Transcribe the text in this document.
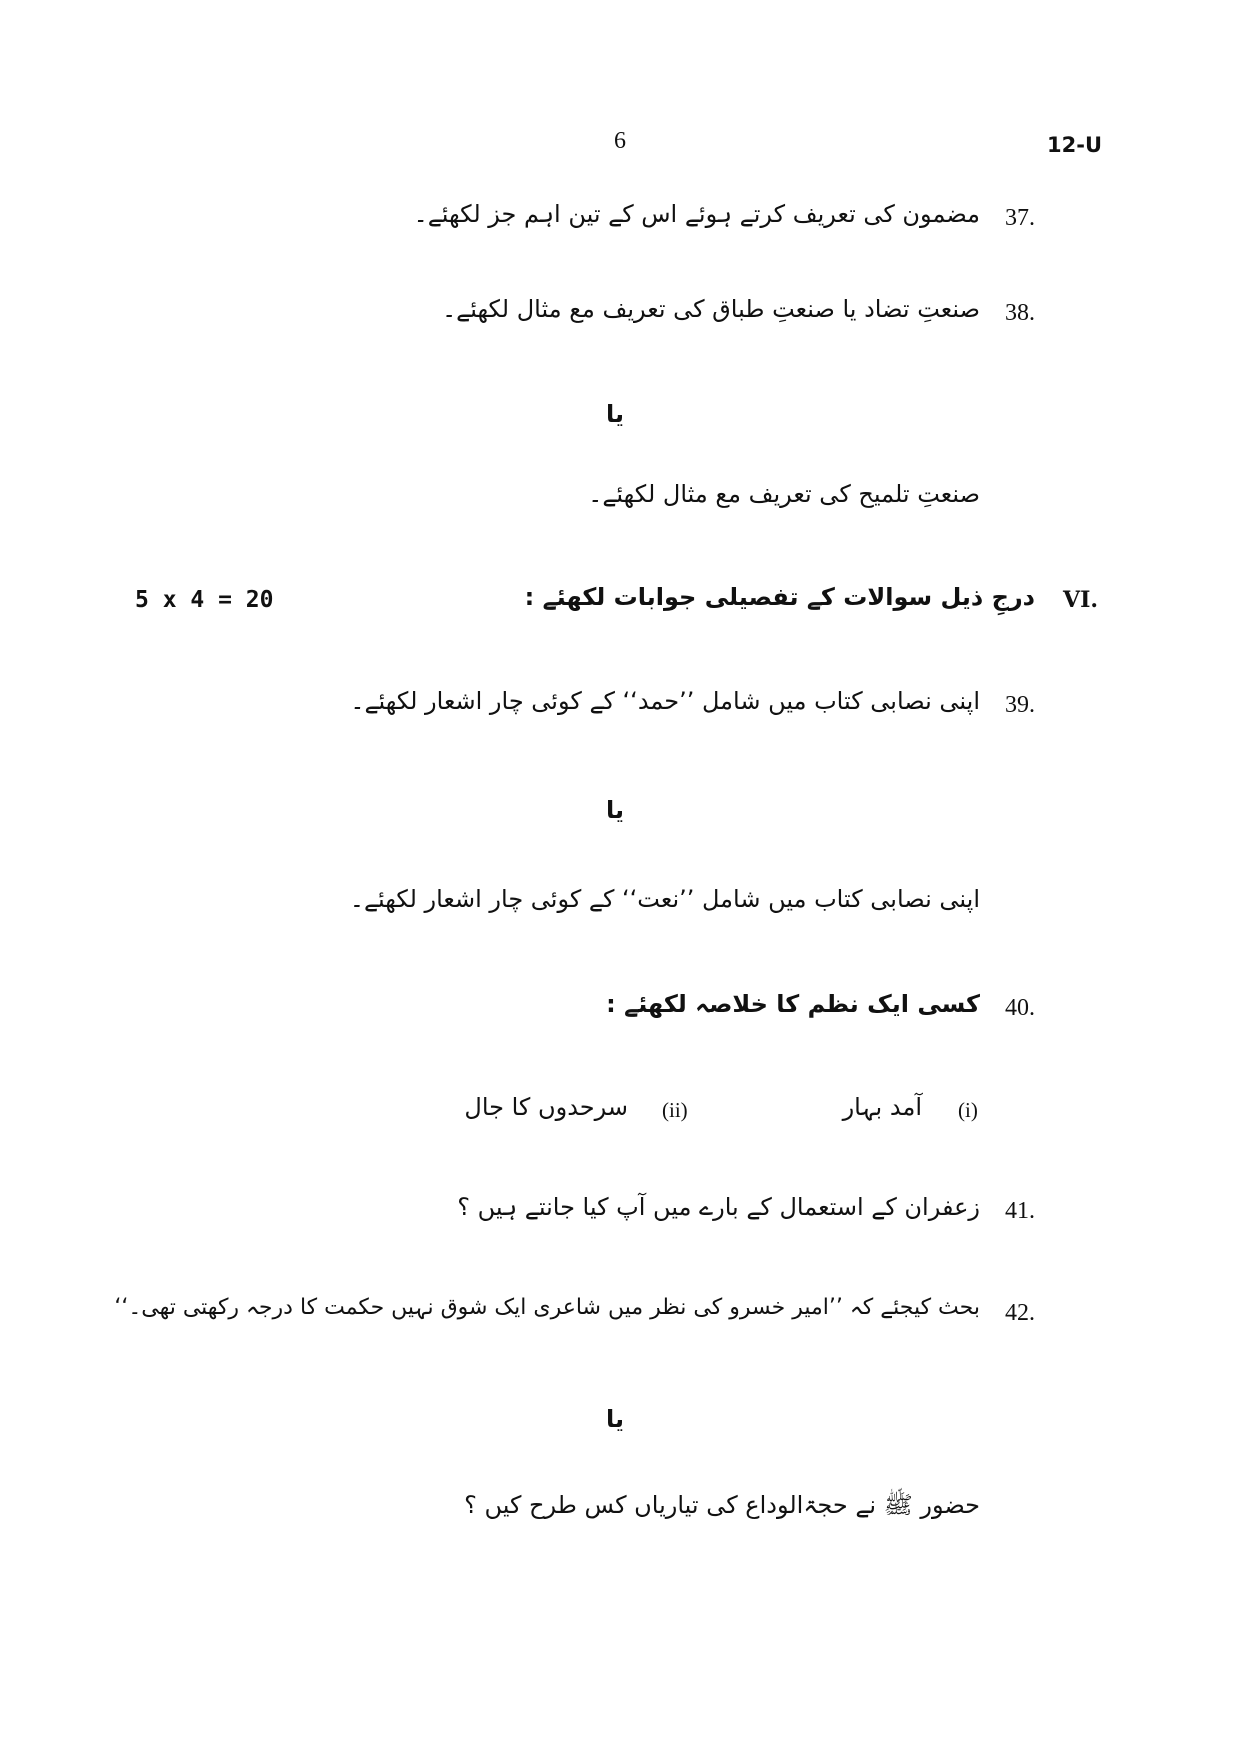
6	12-U
37.
مضمون کی تعریف کرتے ہوئے اس کے تین اہم جز لکھئے۔
38.
صنعتِ تضاد یا صنعتِ طباق کی تعریف مع مثال لکھئے۔
یا
صنعتِ تلمیح کی تعریف مع مثال لکھئے۔
VI.
درجِ ذیل سوالات کے تفصیلی جوابات لکھئے :
5 x 4 = 20
39.
اپنی نصابی کتاب میں شامل ’’حمد‘‘ کے کوئی چار اشعار لکھئے۔
یا
اپنی نصابی کتاب میں شامل ’’نعت‘‘ کے کوئی چار اشعار لکھئے۔
40.
کسی ایک نظم کا خلاصہ لکھئے :
(i)
آمد بہار
(ii)
سرحدوں کا جال
41.
زعفران کے استعمال کے بارے میں آپ کیا جانتے ہیں ؟
42.
بحث کیجئے کہ ’’امیر خسرو کی نظر میں شاعری ایک شوق نہیں حکمت کا درجہ رکھتی تھی۔‘‘
یا
حضور ﷺ نے حجۃالوداع کی تیاریاں کس طرح کیں ؟
